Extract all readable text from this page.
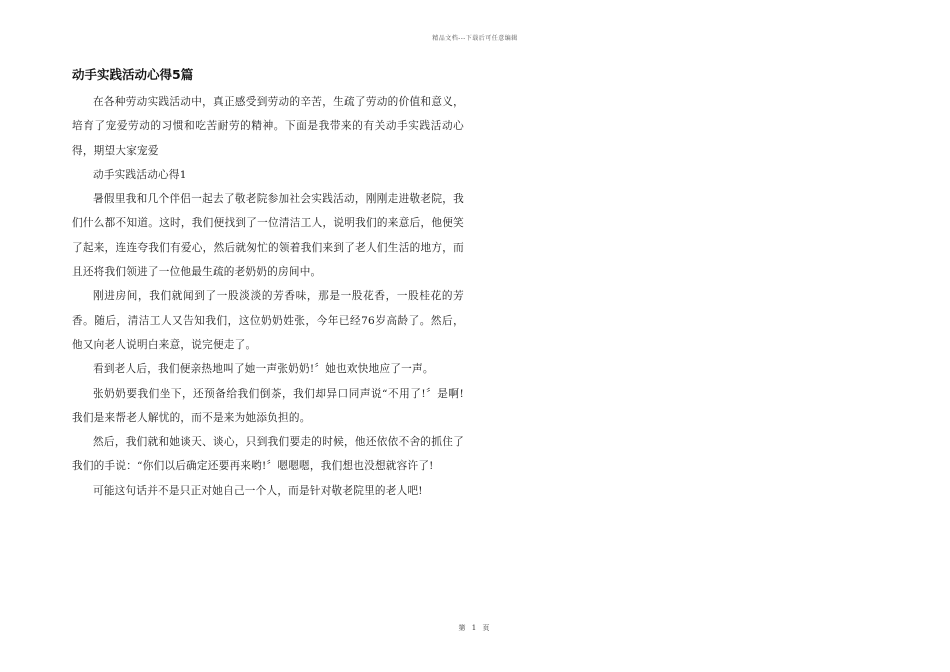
精品文档---下载后可任意编辑
动手实践活动心得5篇

在各种劳动实践活动中，真正感受到劳动的辛苦，生疏了劳动的价值和意义，培育了宠爱劳动的习惯和吃苦耐劳的精神。下面是我带来的有关动手实践活动心得，期望大家宠爱

动手实践活动心得1

暑假里我和几个伴侣一起去了敬老院参加社会实践活动，刚刚走进敬老院，我们什么都不知道。这时，我们便找到了一位清洁工人，说明我们的来意后，他便笑了起来，连连夸我们有爱心，然后就匆忙的领着我们来到了老人们生活的地方，而且还将我们领进了一位他最生疏的老奶奶的房间中。

刚进房间，我们就闻到了一股淡淡的芳香味，那是一股花香，一股桂花的芳香。随后，清洁工人又告知我们，这位奶奶姓张，今年已经76岁高龄了。然后，他又向老人说明白来意，说完便走了。

看到老人后，我们便亲热地叫了她一声张奶奶!〞她也欢快地应了一声。

张奶奶要我们坐下，还预备给我们倒茶，我们却异口同声说“不用了!〞是啊!我们是来帮老人解忧的，而不是来为她添负担的。

然后，我们就和她谈天、谈心，只到我们要走的时候，他还依依不舍的抓住了我们的手说：“你们以后确定还要再来哟!〞嗯嗯嗯，我们想也没想就容许了!

可能这句话并不是只正对她自己一个人，而是针对敬老院里的老人吧!

第 1 页
